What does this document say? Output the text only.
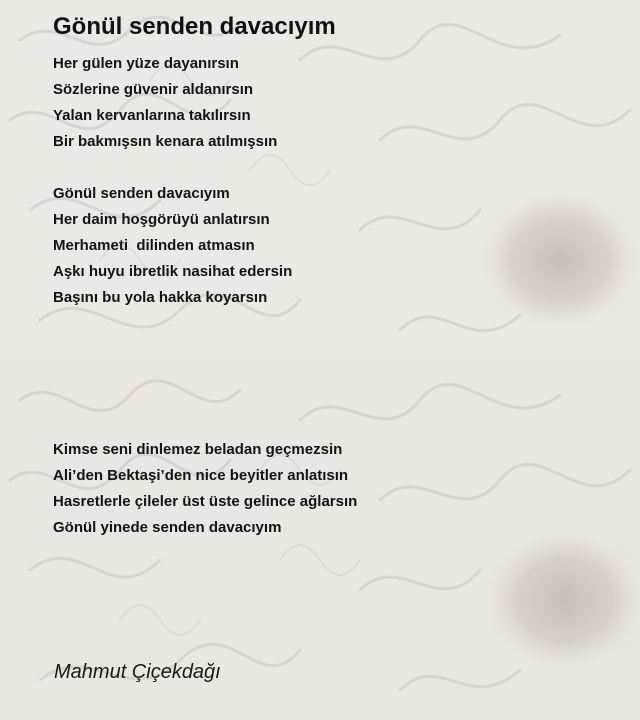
Gönül senden davacıyım
Her gülen yüze dayanırsın
Sözlerine güvenir aldanırsın
Yalan kervanlarına takılırsın
Bir bakmışsın kenara atılmışsın
Gönül senden davacıyım
Her daim hoşgörüyü anlatırsın
Merhameti  dilinden atmasın
Aşkı huyu ibretlik nasihat edersin
Başını bu yola hakka koyarsın
Kimse seni dinlemez beladan geçmezsin
Ali’den Bektaşi’den nice beyitler anlatısın
Hasretlerle çileler üst üste gelince ağlarsın
Gönül yinede senden davacıyım

Mahmut Çiçekdağı
